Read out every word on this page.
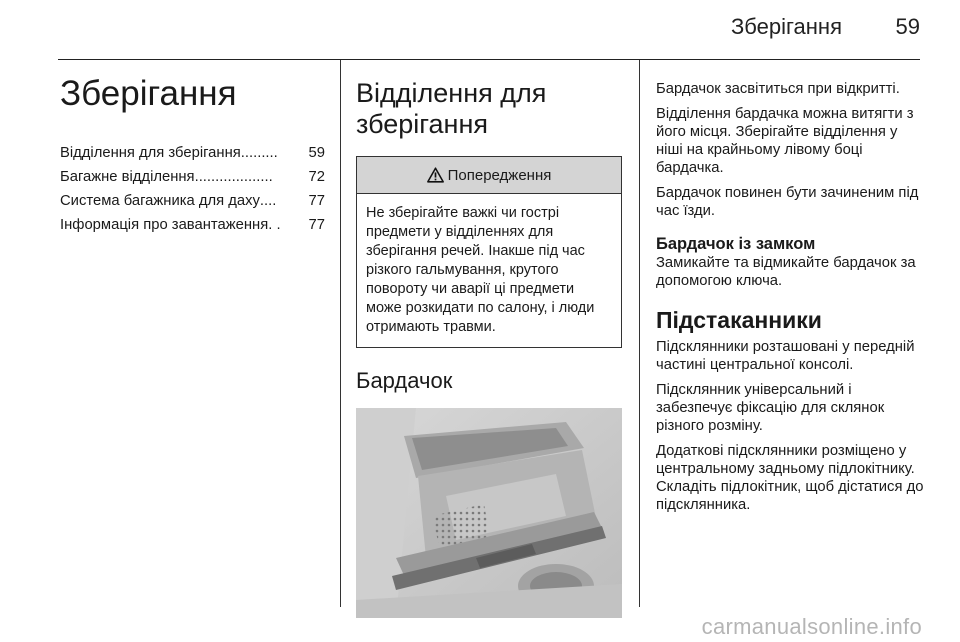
Зберігання 59
Зберігання
Відділення для зберігання .........	59
Багажне відділення ...................	72
Система багажника для даху ....	77
Інформація про завантаження . .	77
Відділення для
зберігання
Попередження
Не зберігайте важкі чи гострі предмети у відділеннях для зберігання речей. Інакше під час різкого гальмування, крутого повороту чи аварії ці предмети може розкидати по салону, і люди отримають травми.
Бардачок

Бардачок засвітиться при відкритті.

Відділення бардачка можна витягти з його місця. Зберігайте відділення у ніші на крайньому лівому боці бардачка.

Бардачок повинен бути зачиненим під час їзди.

Бардачок із замком

Замикайте та відмикайте бардачок за допомогою ключа.

Підстаканники

Підсклянники розташовані у передній частині центральної консолі.

Підсклянник універсальний і забезпечує фіксацію для склянок різного розміну.

Додаткові підсклянники розміщено у центральному задньому підлокітнику. Складіть підлокітник, щоб дістатися до підсклянника.

carmanualsonline.info
